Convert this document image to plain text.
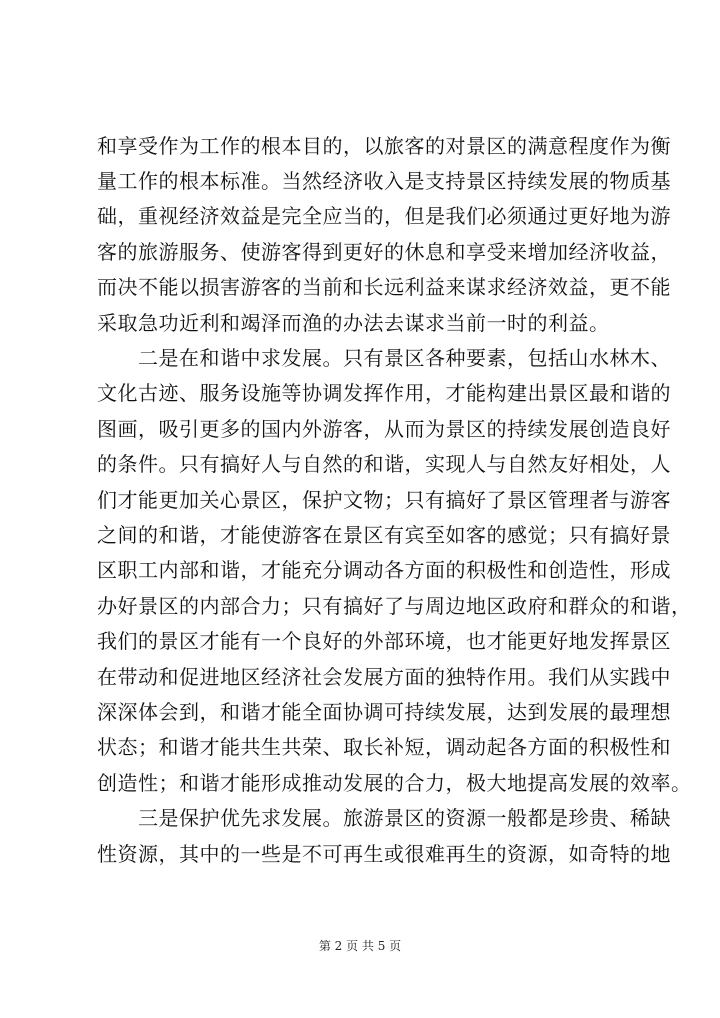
和享受作为工作的根本目的，以旅客的对景区的满意程度作为衡
量工作的根本标准。当然经济收入是支持景区持续发展的物质基
础，重视经济效益是完全应当的，但是我们必须通过更好地为游
客的旅游服务、使游客得到更好的休息和享受来增加经济收益，
而决不能以损害游客的当前和长远利益来谋求经济效益，更不能
采取急功近利和竭泽而渔的办法去谋求当前一时的利益。
　　二是在和谐中求发展。只有景区各种要素，包括山水林木、
文化古迹、服务设施等协调发挥作用，才能构建出景区最和谐的
图画，吸引更多的国内外游客，从而为景区的持续发展创造良好
的条件。只有搞好人与自然的和谐，实现人与自然友好相处，人
们才能更加关心景区，保护文物；只有搞好了景区管理者与游客
之间的和谐，才能使游客在景区有宾至如客的感觉；只有搞好景
区职工内部和谐，才能充分调动各方面的积极性和创造性，形成
办好景区的内部合力；只有搞好了与周边地区政府和群众的和谐，
我们的景区才能有一个良好的外部环境，也才能更好地发挥景区
在带动和促进地区经济社会发展方面的独特作用。我们从实践中
深深体会到，和谐才能全面协调可持续发展，达到发展的最理想
状态；和谐才能共生共荣、取长补短，调动起各方面的积极性和
创造性；和谐才能形成推动发展的合力，极大地提高发展的效率。
　　三是保护优先求发展。旅游景区的资源一般都是珍贵、稀缺
性资源，其中的一些是不可再生或很难再生的资源，如奇特的地
第 2 页 共 5 页
